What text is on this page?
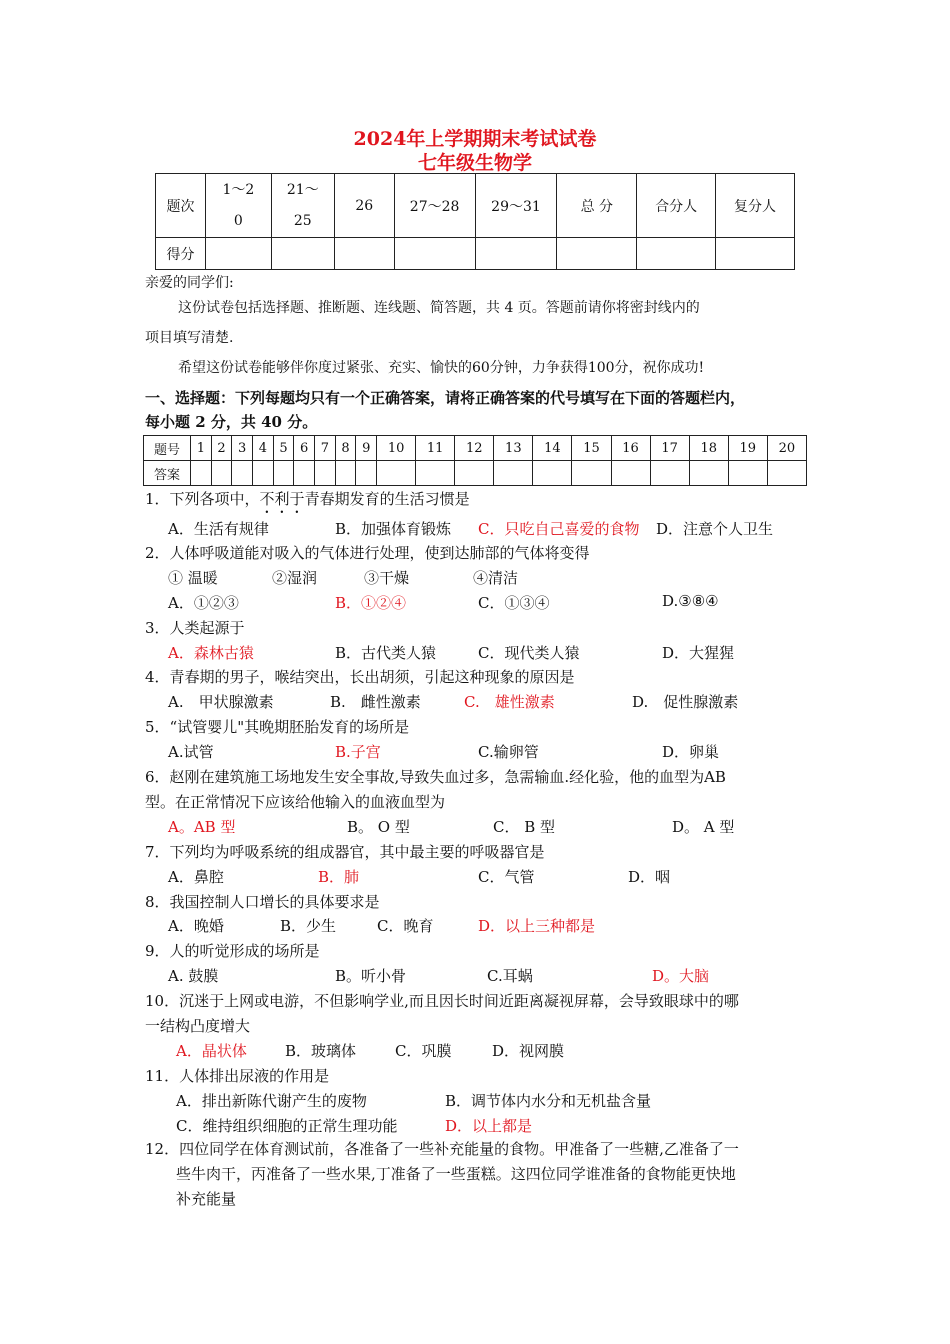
2024年上学期期末考试试卷
七年级生物学
题次	1～20	21～25	26	27～28	29～31	总 分	合分人	复分人
得分								
亲爱的同学们:
这份试卷包括选择题、推断题、连线题、简答题，共 4 页。答题前请你将密封线内的
项目填写清楚.
希望这份试卷能够伴你度过紧张、充实、愉快的60分钟，力争获得100分，祝你成功!
一、选择题：下列每题均只有一个正确答案，请将正确答案的代号填写在下面的答题栏内，
每小题 2 分，共 40 分。
题号	1	2	3	4	5	6	7	8	9	10	11	12	13	14	15	16	17	18	19	20
答案																				
1．下列各项中，不利于青春期发育的生活习惯是
A．生活有规律	B．加强体育锻炼 C．只吃自己喜爱的食物 D．注意个人卫生
2．人体呼吸道能对吸入的气体进行处理，使到达肺部的气体将变得
① 温暖	②湿润	③干燥	④清洁
A．①②③	B．①②④	C．①③④	D.③⑧④
3．人类起源于
A．森林古猿	B．古代类人猿	C．现代类人猿	D．大猩猩
4．青春期的男子，喉结突出，长出胡须，引起这种现象的原因是
A.　甲状腺激素	B.　雌性激素	C.　雄性激素	D.　促性腺激素
5．“试管婴儿"其晚期胚胎发育的场所是
A.试管	B.子宫	C.输卵管	D．卵巢
6．赵刚在建筑施工场地发生安全事故,导致失血过多，急需输血.经化验，他的血型为AB
型。在正常情况下应该给他输入的血液血型为
A。AB 型	B。 O 型	C． B 型	D。 A 型
7．下列均为呼吸系统的组成器官，其中最主要的呼吸器官是
A．鼻腔	B．肺	C．气管	D．咽
8．我国控制人口增长的具体要求是
A．晚婚	B．少生	C．晚育	D．以上三种都是
9．人的听觉形成的场所是
A. 鼓膜	B。听小骨	C.耳蜗	D。大脑
10．沉迷于上网或电游，不但影响学业,而且因长时间近距离凝视屏幕，会导致眼球中的哪
一结构凸度增大
A．晶状体	B．玻璃体	C．巩膜	D．视网膜
11．人体排出尿液的作用是
A．排出新陈代谢产生的废物	B．调节体内水分和无机盐含量
C．维持组织细胞的正常生理功能	D．以上都是
12．四位同学在体育测试前，各准备了一些补充能量的食物。甲准备了一些糖,乙准备了一
些牛肉干，丙准备了一些水果,丁准备了一些蛋糕。这四位同学谁准备的食物能更快地
补充能量
